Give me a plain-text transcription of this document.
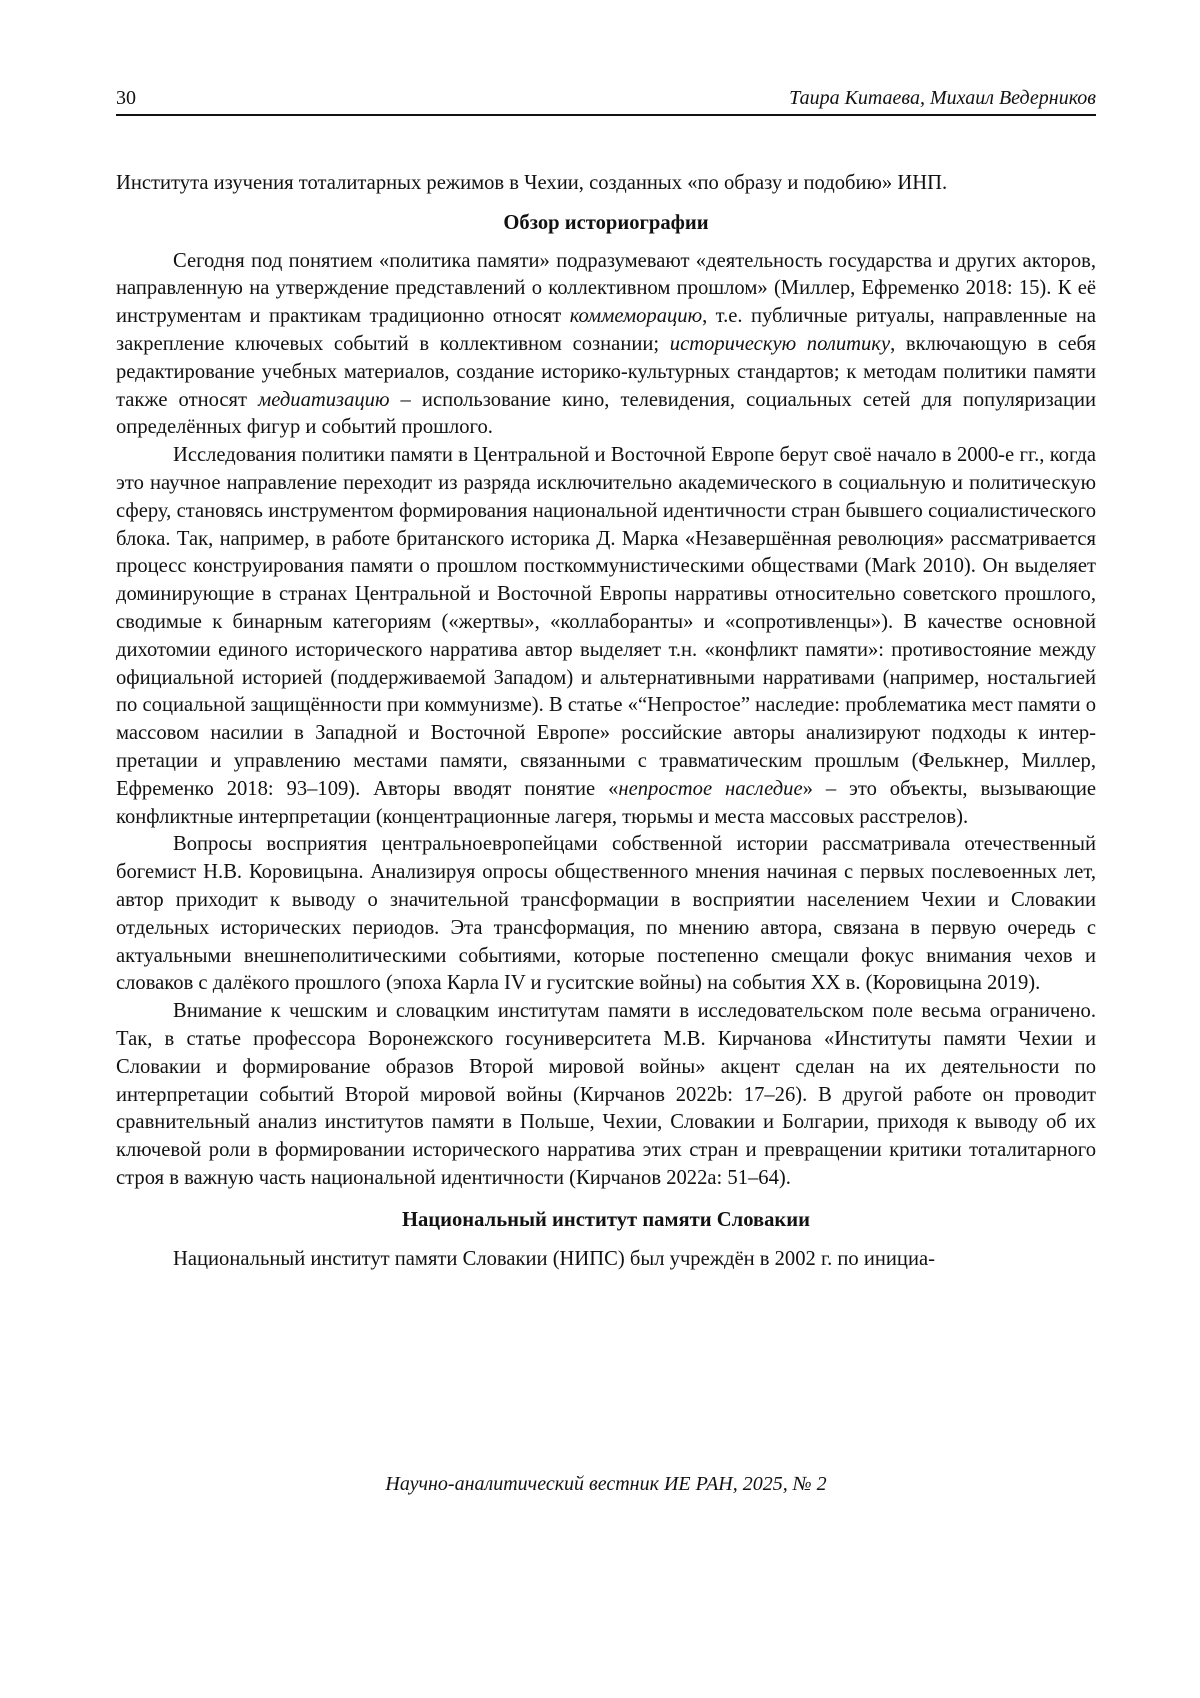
30	Таира Китаева, Михаил Ведерников

Института изучения тоталитарных режимов в Чехии, созданных «по образу и подобию» ИНП.

Обзор историографии

Сегодня под понятием «политика памяти» подразумевают «деятельность государства и других акторов, направленную на утверждение представлений о коллективном прошлом» (Миллер, Ефременко 2018: 15). К её инструментам и практикам традиционно относят коммеморацию, т.е. публичные ритуалы, направленные на закрепление ключевых событий в коллективном сознании; историческую политику, включающую в себя редактирование учебных материалов, создание историко-культурных стандартов; к методам политики памяти также относят медиатизацию – использование кино, телевидения, социальных сетей для популяризации определённых фигур и событий прошлого.

Исследования политики памяти в Центральной и Восточной Европе берут своё начало в 2000-е гг., когда это научное направление переходит из разряда исключительно академического в социальную и политическую сферу, становясь инструментом формирования национальной идентичности стран бывшего социалистического блока. Так, например, в работе британского историка Д. Марка «Незавершённая революция» рассматривается процесс конструирования памяти о прошлом посткоммунистическими обществами (Mark 2010). Он выделяет доминирующие в странах Центральной и Восточной Европы нарративы относительно советского прошлого, сводимые к бинарным категориям («жертвы», «коллаборанты» и «сопротивленцы»). В качестве основной дихотомии единого исторического нарратива автор выделяет т.н. «конфликт памяти»: противостояние между официальной историей (поддерживаемой Западом) и альтернативными нарративами (например, ностальгией по социальной защищённости при коммунизме). В статье «“Непростое” наследие: проблематика мест памяти о массовом насилии в Западной и Восточной Европе» российские авторы анализируют подходы к интерпретации и управлению местами памяти, связанными с травматическим прошлым (Фелькнер, Миллер, Ефременко 2018: 93–109). Авторы вводят понятие «непростое наследие» – это объекты, вызывающие конфликтные интерпретации (концентрационные лагеря, тюрьмы и места массовых расстрелов).

Вопросы восприятия центральноевропейцами собственной истории рассматривала отечественный богемист Н.В. Коровицына. Анализируя опросы общественного мнения начиная с первых послевоенных лет, автор приходит к выводу о значительной трансформации в восприятии населением Чехии и Словакии отдельных исторических периодов. Эта трансформация, по мнению автора, связана в первую очередь с актуальными внешнеполитическими событиями, которые постепенно смещали фокус внимания чехов и словаков с далёкого прошлого (эпоха Карла IV и гуситские войны) на события XX в. (Коровицына 2019).

Внимание к чешским и словацким институтам памяти в исследовательском поле весьма ограничено. Так, в статье профессора Воронежского госуниверситета М.В. Кирчанова «Институты памяти Чехии и Словакии и формирование образов Второй мировой войны» акцент сделан на их деятельности по интерпретации событий Второй мировой войны (Кирчанов 2022b: 17–26). В другой работе он проводит сравнительный анализ институтов памяти в Польше, Чехии, Словакии и Болгарии, приходя к выводу об их ключевой роли в формировании исторического нарратива этих стран и превращении критики тоталитарного строя в важную часть национальной идентичности (Кирчанов 2022a: 51–64).

Национальный институт памяти Словакии

Национальный институт памяти Словакии (НИПС) был учреждён в 2002 г. по инициа-

Научно-аналитический вестник ИЕ РАН, 2025, № 2
